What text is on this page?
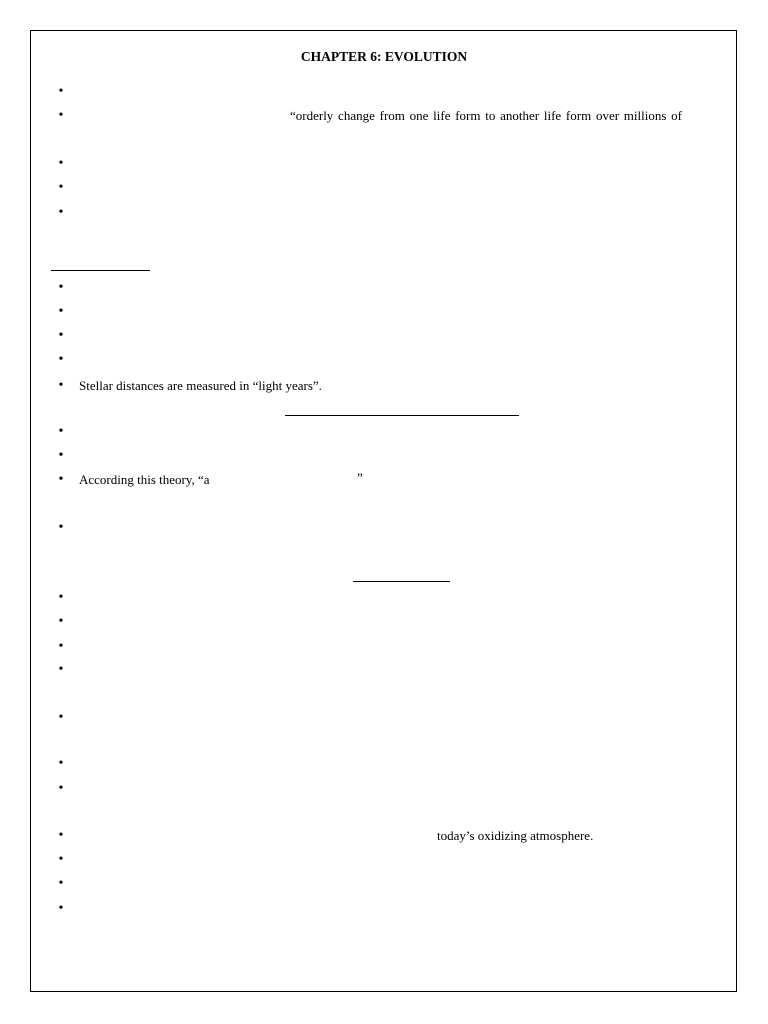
CHAPTER 6: EVOLUTION
•
•	“orderly change from one life form to another life form over millions of
•
•
•
•
•
•
•
• Stellar distances are measured in “light years”.
•
•
• According this theory, “a	”
•
•
•
•
•
•
•
•
•	today’s oxidizing atmosphere.
•
•
•
